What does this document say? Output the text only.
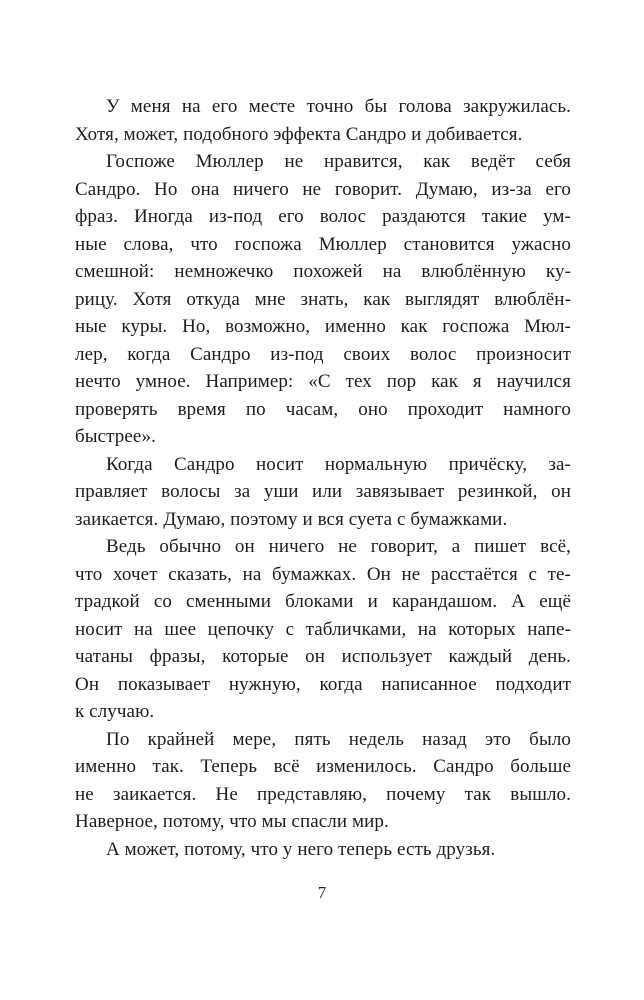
У меня на его месте точно бы голова закружилась.
Хотя, может, подобного эффекта Сандро и добивается.
Госпоже Мюллер не нравится, как ведёт себя
Сандро. Но она ничего не говорит. Думаю, из-за его
фраз. Иногда из-под его волос раздаются такие ум-
ные слова, что госпожа Мюллер становится ужасно
смешной: немножечко похожей на влюблённую ку-
рицу. Хотя откуда мне знать, как выглядят влюблён-
ные куры. Но, возможно, именно как госпожа Мюл-
лер, когда Сандро из-под своих волос произносит
нечто умное. Например: «С тех пор как я научился
проверять время по часам, оно проходит намного
быстрее».
Когда Сандро носит нормальную причёску, за-
правляет волосы за уши или завязывает резинкой, он
заикается. Думаю, поэтому и вся суета с бумажками.
Ведь обычно он ничего не говорит, а пишет всё,
что хочет сказать, на бумажках. Он не расстаётся с те-
традкой со сменными блоками и карандашом. А ещё
носит на шее цепочку с табличками, на которых напе-
чатаны фразы, которые он использует каждый день.
Он показывает нужную, когда написанное подходит
к случаю.
По крайней мере, пять недель назад это было
именно так. Теперь всё изменилось. Сандро больше
не заикается. Не представляю, почему так вышло.
Наверное, потому, что мы спасли мир.
А может, потому, что у него теперь есть друзья.
7
